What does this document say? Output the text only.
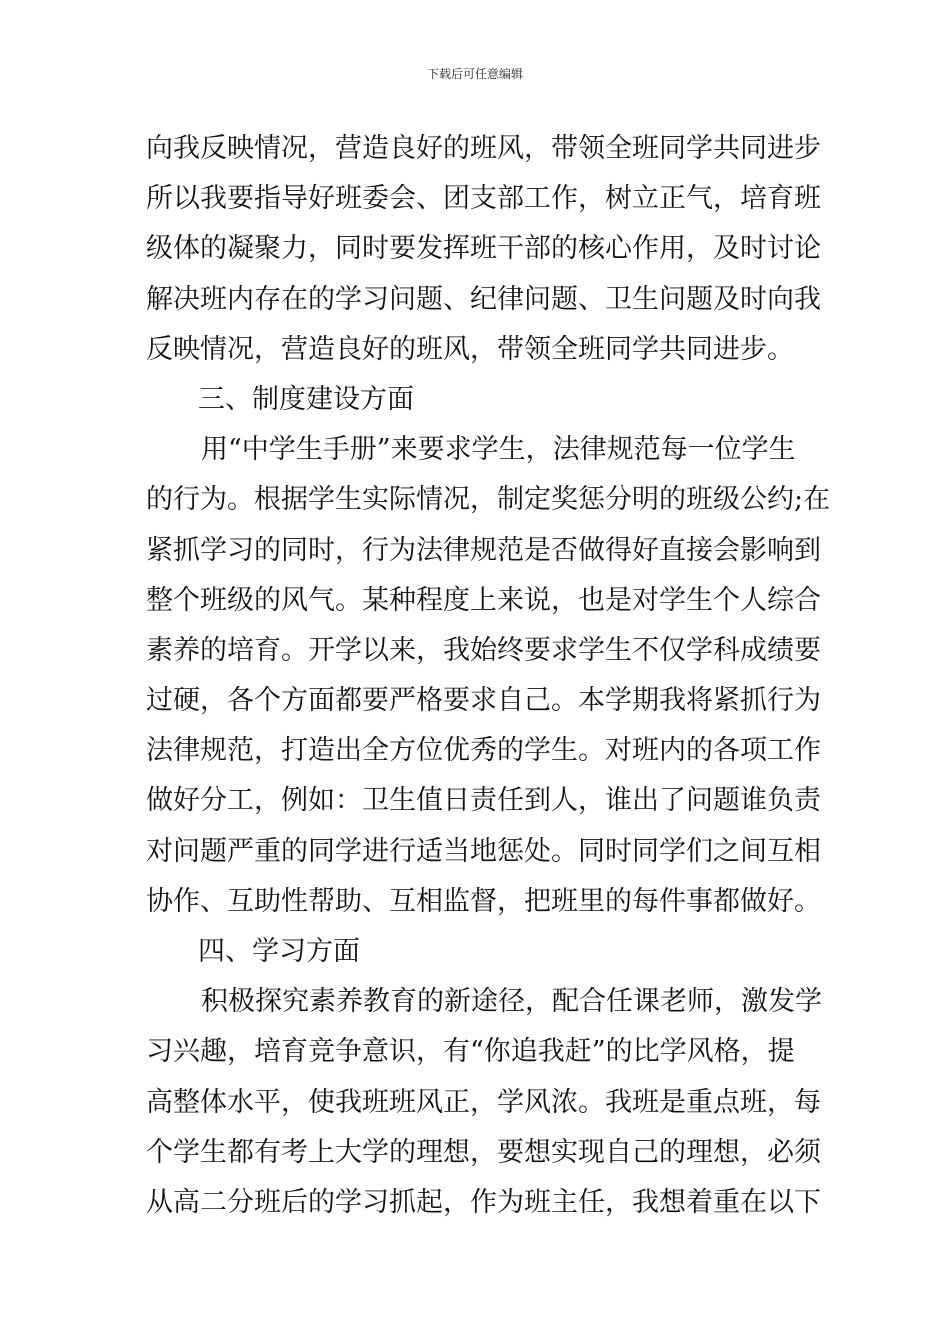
下载后可任意编辑
向我反映情况，营造良好的班风，带领全班同学共同进步
所以我要指导好班委会、团支部工作，树立正气，培育班
级体的凝聚力，同时要发挥班干部的核心作用，及时讨论
解决班内存在的学习问题、纪律问题、卫生问题及时向我
反映情况，营造良好的班风，带领全班同学共同进步。
三、制度建设方面
用“中学生手册”来要求学生，法律规范每一位学生
的行为。根据学生实际情况，制定奖惩分明的班级公约;在
紧抓学习的同时，行为法律规范是否做得好直接会影响到
整个班级的风气。某种程度上来说，也是对学生个人综合
素养的培育。开学以来，我始终要求学生不仅学科成绩要
过硬，各个方面都要严格要求自己。本学期我将紧抓行为
法律规范，打造出全方位优秀的学生。对班内的各项工作
做好分工，例如：卫生值日责任到人，谁出了问题谁负责
对问题严重的同学进行适当地惩处。同时同学们之间互相
协作、互助性帮助、互相监督，把班里的每件事都做好。
四、学习方面
积极探究素养教育的新途径，配合任课老师，激发学
习兴趣，培育竞争意识，有“你追我赶”的比学风格，提
高整体水平，使我班班风正，学风浓。我班是重点班，每
个学生都有考上大学的理想，要想实现自己的理想，必须
从高二分班后的学习抓起，作为班主任，我想着重在以下
